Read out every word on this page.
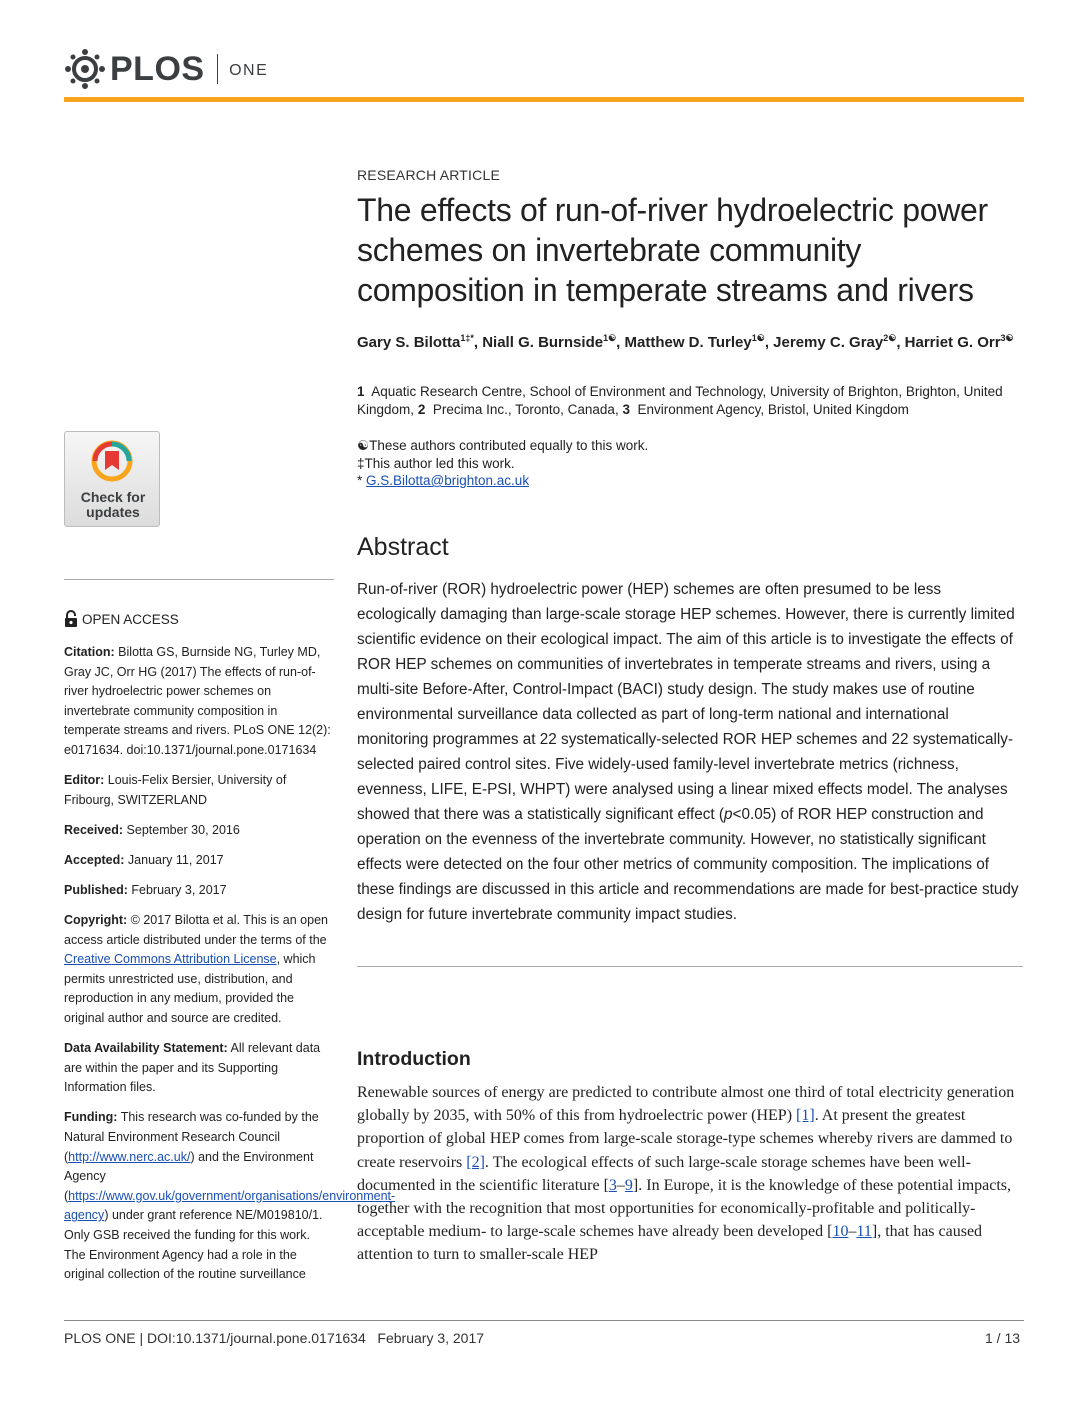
PLOS ONE
RESEARCH ARTICLE
The effects of run-of-river hydroelectric power schemes on invertebrate community composition in temperate streams and rivers
Gary S. Bilotta$^{1\ddagger*}$, Niall G. Burnside$^{1☯}$, Matthew D. Turley$^{1☯}$, Jeremy C. Gray$^{2☯}$, Harriet G. Orr$^{3☯}$
1 Aquatic Research Centre, School of Environment and Technology, University of Brighton, Brighton, United Kingdom, 2 Precima Inc., Toronto, Canada, 3 Environment Agency, Bristol, United Kingdom
☯These authors contributed equally to this work.
‡This author led this work.
* G.S.Bilotta@brighton.ac.uk
Abstract
Run-of-river (ROR) hydroelectric power (HEP) schemes are often presumed to be less ecologically damaging than large-scale storage HEP schemes. However, there is currently limited scientific evidence on their ecological impact. The aim of this article is to investigate the effects of ROR HEP schemes on communities of invertebrates in temperate streams and rivers, using a multi-site Before-After, Control-Impact (BACI) study design. The study makes use of routine environmental surveillance data collected as part of long-term national and international monitoring programmes at 22 systematically-selected ROR HEP schemes and 22 systematically-selected paired control sites. Five widely-used family-level invertebrate metrics (richness, evenness, LIFE, E-PSI, WHPT) were analysed using a linear mixed effects model. The analyses showed that there was a statistically significant effect (p<0.05) of ROR HEP construction and operation on the evenness of the invertebrate community. However, no statistically significant effects were detected on the four other metrics of community composition. The implications of these findings are discussed in this article and recommendations are made for best-practice study design for future invertebrate community impact studies.
Introduction
Renewable sources of energy are predicted to contribute almost one third of total electricity generation globally by 2035, with 50% of this from hydroelectric power (HEP) [1]. At present the greatest proportion of global HEP comes from large-scale storage-type schemes whereby rivers are dammed to create reservoirs [2]. The ecological effects of such large-scale storage schemes have been well-documented in the scientific literature [3–9]. In Europe, it is the knowledge of these potential impacts, together with the recognition that most opportunities for economically-profitable and politically-acceptable medium- to large-scale schemes have already been developed [10–11], that has caused attention to turn to smaller-scale HEP
Check for updates
OPEN ACCESS

Citation: Bilotta GS, Burnside NG, Turley MD, Gray JC, Orr HG (2017) The effects of run-of-river hydroelectric power schemes on invertebrate community composition in temperate streams and rivers. PLoS ONE 12(2): e0171634. doi:10.1371/journal.pone.0171634

Editor: Louis-Felix Bersier, University of Fribourg, SWITZERLAND

Received: September 30, 2016

Accepted: January 11, 2017

Published: February 3, 2017

Copyright: © 2017 Bilotta et al. This is an open access article distributed under the terms of the Creative Commons Attribution License, which permits unrestricted use, distribution, and reproduction in any medium, provided the original author and source are credited.

Data Availability Statement: All relevant data are within the paper and its Supporting Information files.

Funding: This research was co-funded by the Natural Environment Research Council (http://www.nerc.ac.uk/) and the Environment Agency (https://www.gov.uk/government/organisations/environment-agency) under grant reference NE/M019810/1. Only GSB received the funding for this work. The Environment Agency had a role in the original collection of the routine surveillance

PLOS ONE | DOI:10.1371/journal.pone.0171634 February 3, 2017	1 / 13
